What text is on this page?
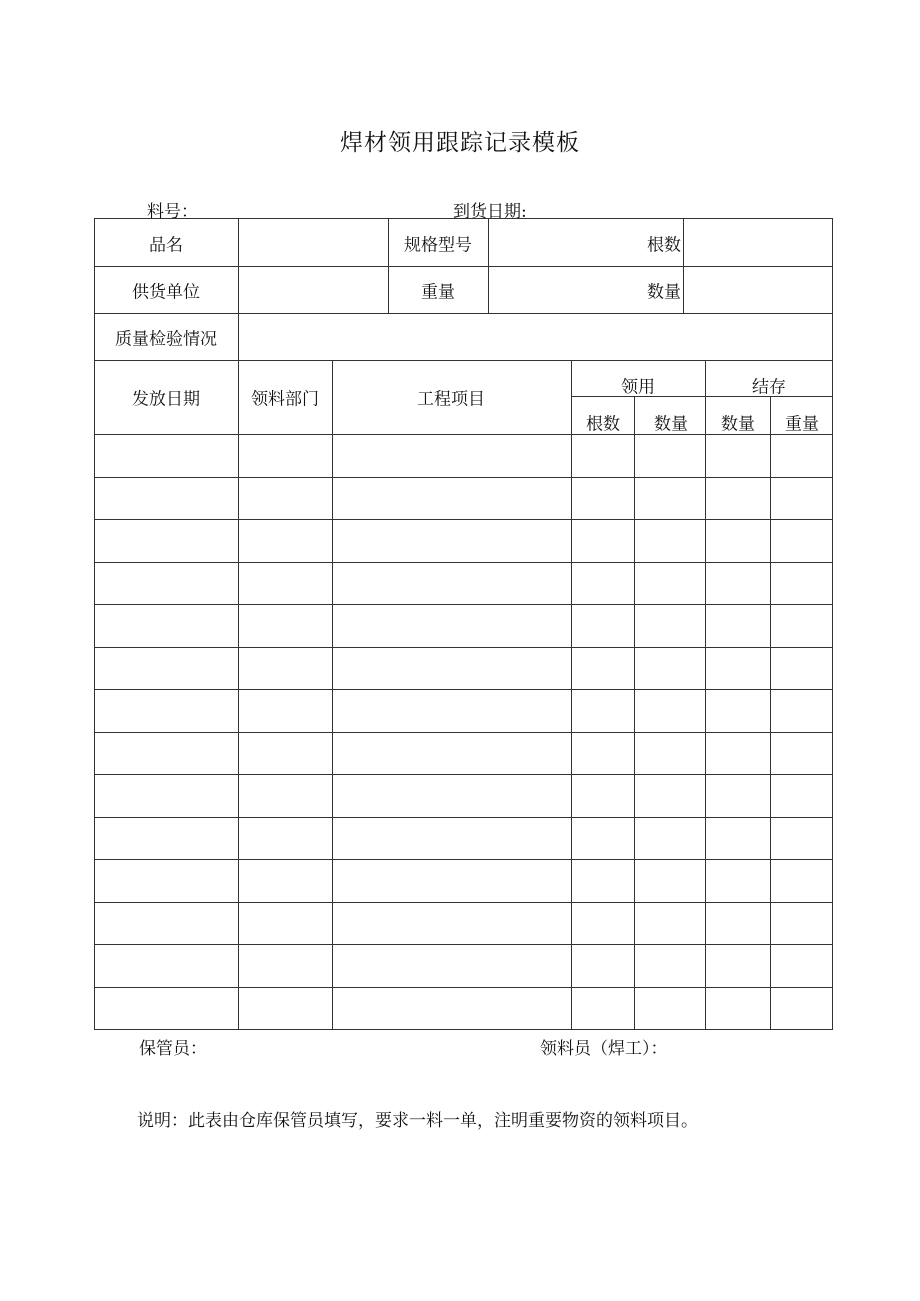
焊材领用跟踪记录模板
料号：	到货日期:
品名	规格型号	根数
供货单位	重量	数量
质量检验情况
发放日期	领料部门	工程项目
领用	结存
根数 数量 数量 重量
保管员：	领料员（焊工）：
说明：此表由仓库保管员填写，要求一料一单，注明重要物资的领料项目。
